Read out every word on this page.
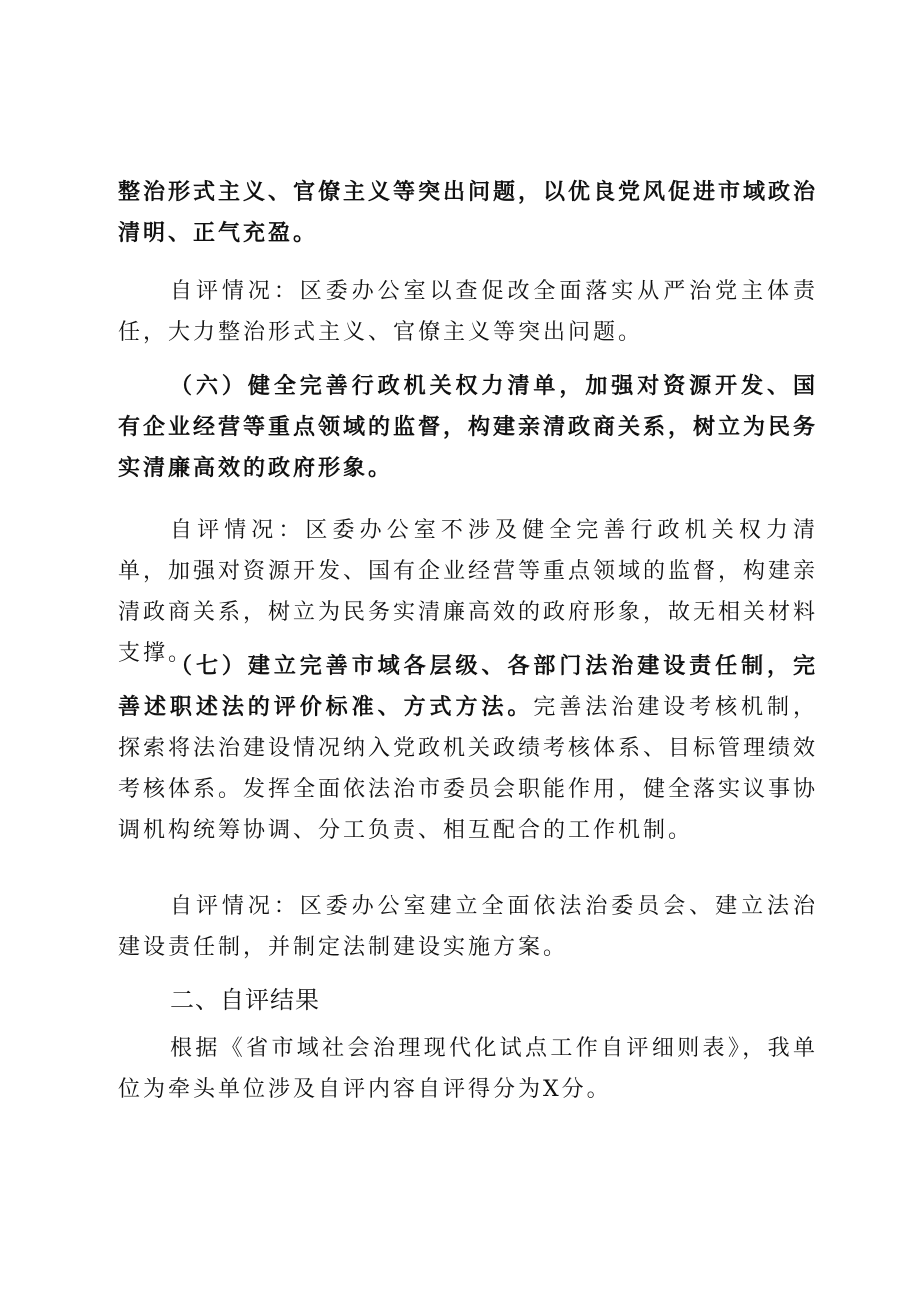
整治形式主义、官僚主义等突出问题，以优良党风促进市域政治清明、正气充盈。

自评情况：区委办公室以查促改全面落实从严治党主体责任，大力整治形式主义、官僚主义等突出问题。

（六）健全完善行政机关权力清单，加强对资源开发、国有企业经营等重点领域的监督，构建亲清政商关系，树立为民务实清廉高效的政府形象。

自评情况：区委办公室不涉及健全完善行政机关权力清单，加强对资源开发、国有企业经营等重点领域的监督，构建亲清政商关系，树立为民务实清廉高效的政府形象，故无相关材料支撑。

（七）建立完善市域各层级、各部门法治建设责任制，完善述职述法的评价标准、方式方法。完善法治建设考核机制，探索将法治建设情况纳入党政机关政绩考核体系、目标管理绩效考核体系。发挥全面依法治市委员会职能作用，健全落实议事协调机构统筹协调、分工负责、相互配合的工作机制。

自评情况：区委办公室建立全面依法治委员会、建立法治建设责任制，并制定法制建设实施方案。

二、自评结果

根据《省市域社会治理现代化试点工作自评细则表》，我单位为牵头单位涉及自评内容自评得分为X分。
